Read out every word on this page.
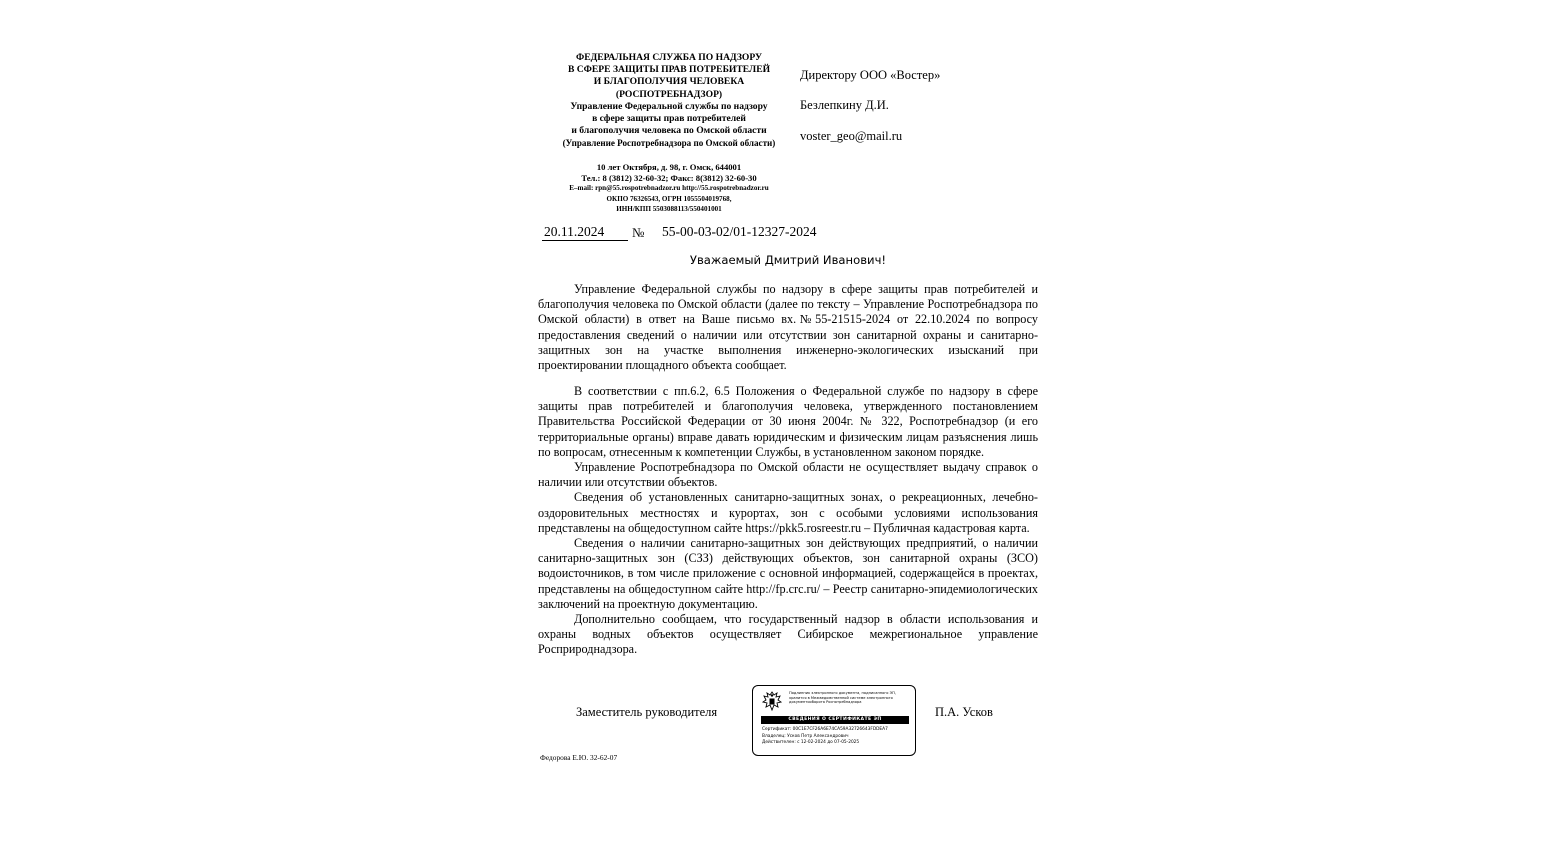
ФЕДЕРАЛЬНАЯ СЛУЖБА ПО НАДЗОРУ
В СФЕРЕ ЗАЩИТЫ ПРАВ ПОТРЕБИТЕЛЕЙ
И БЛАГОПОЛУЧИЯ ЧЕЛОВЕКА
(РОСПОТРЕБНАДЗОР)
Управление Федеральной службы по надзору
в сфере защиты прав потребителей
и благополучия человека по Омской области
(Управление Роспотребнадзора по Омской области)
10 лет Октября, д. 98, г. Омск, 644001
Тел.: 8 (3812) 32-60-32; Факс: 8(3812) 32-60-30
E–mail: rpn@55.rospotrebnadzor.ru http://55.rospotrebnadzor.ru
ОКПО 76326543, ОГРН 1055504019768,
ИНН/КПП 5503088113/550401001
Директору ООО «Востер»
Безлепкину Д.И.
voster_geo@mail.ru
20.11.2024	№ 55-00-03-02/01-12327-2024
Уважаемый Дмитрий Иванович!

Управление Федеральной службы по надзору в сфере защиты прав потребителей и благополучия человека по Омской области (далее по тексту – Управление Роспотребнадзора по Омской области) в ответ на Ваше письмо вх.№55-21515-2024 от 22.10.2024 по вопросу предоставления сведений о наличии или отсутствии зон санитарной охраны и санитарно-защитных зон на участке выполнения инженерно-экологических изысканий при проектировании площадного объекта сообщает.

В соответствии с пп.6.2, 6.5 Положения о Федеральной службе по надзору в сфере защиты прав потребителей и благополучия человека, утвержденного постановлением Правительства Российской Федерации от 30 июня 2004г. № 322, Роспотребнадзор (и его территориальные органы) вправе давать юридическим и физическим лицам разъяснения лишь по вопросам, отнесенным к компетенции Службы, в установленном законом порядке.

Управление Роспотребнадзора по Омской области не осуществляет выдачу справок о наличии или отсутствии объектов.

Сведения об установленных санитарно-защитных зонах, о рекреационных, лечебно-оздоровительных местностях и курортах, зон с особыми условиями использования представлены на общедоступном сайте https://pkk5.rosreestr.ru – Публичная кадастровая карта.

Сведения о наличии санитарно-защитных зон действующих предприятий, о наличии санитарно-защитных зон (СЗЗ) действующих объектов, зон санитарной охраны (ЗСО) водоисточников, в том числе приложение с основной информацией, содержащейся в проектах, представлены на общедоступном сайте http://fp.crc.ru/ – Реестр санитарно-эпидемиологических заключений на проектную документацию.

Дополнительно сообщаем, что государственный надзор в области использования и охраны водных объектов осуществляет Сибирское межрегиональное управление Росприроднадзора.

Заместитель руководителя	П.А. Усков
Подлинник электронного документа, подписанного ЭП, хранится в Межведомственной системе электронного документооборота Роспотребнадзора
СВЕДЕНИЯ О СЕРТИФИКАТЕ ЭП
Сертификат: 00C1E7CF26A6E74CA59A32726643FDDEA7
Владелец: Усков Петр Александрович
Действителен: с 12-02-2024 до 07-05-2025
Федорова Е.Ю. 32-62-07
